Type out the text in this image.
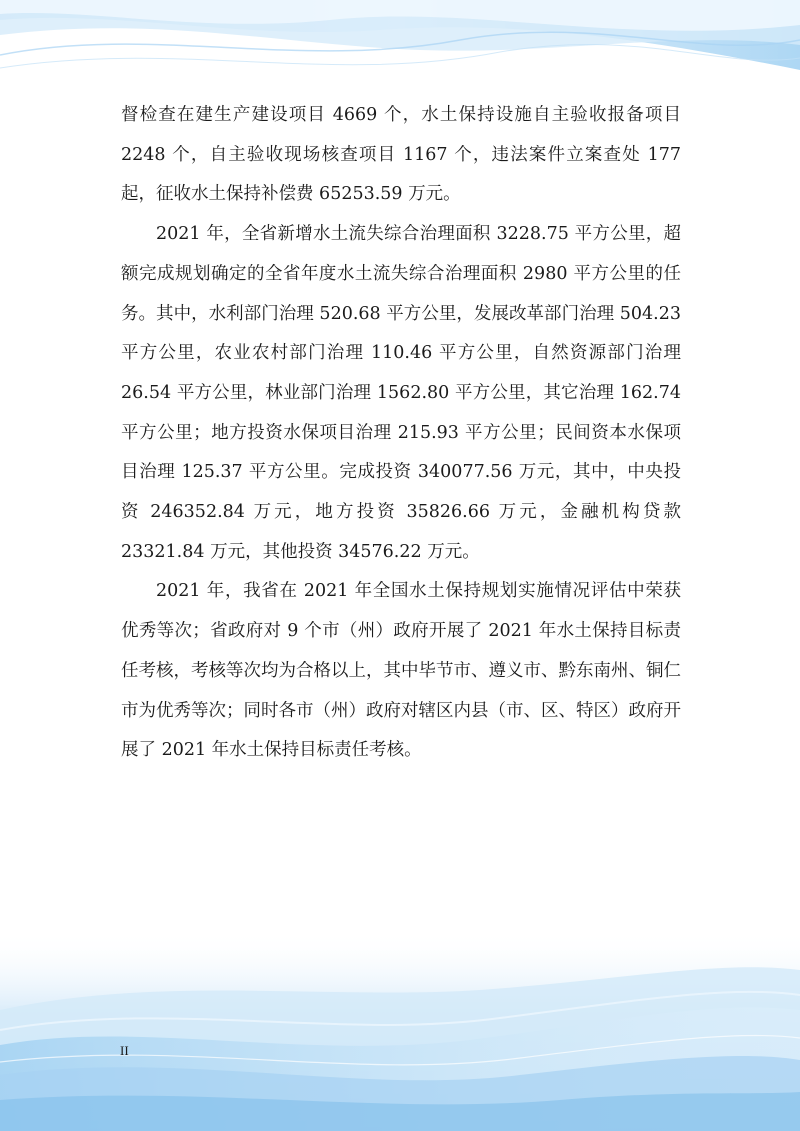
督检查在建生产建设项目 4669 个，水土保持设施自主验收报备项目 2248 个，自主验收现场核查项目 1167 个，违法案件立案查处 177 起，征收水土保持补偿费 65253.59 万元。

2021 年，全省新增水土流失综合治理面积 3228.75 平方公里，超额完成规划确定的全省年度水土流失综合治理面积 2980 平方公里的任务。其中，水利部门治理 520.68 平方公里，发展改革部门治理 504.23 平方公里，农业农村部门治理 110.46 平方公里，自然资源部门治理 26.54 平方公里，林业部门治理 1562.80 平方公里，其它治理 162.74 平方公里；地方投资水保项目治理 215.93 平方公里；民间资本水保项目治理 125.37 平方公里。完成投资 340077.56 万元，其中，中央投资 246352.84 万元，地方投资 35826.66 万元，金融机构贷款 23321.84 万元，其他投资 34576.22 万元。

2021 年，我省在 2021 年全国水土保持规划实施情况评估中荣获优秀等次；省政府对 9 个市（州）政府开展了 2021 年水土保持目标责任考核，考核等次均为合格以上，其中毕节市、遵义市、黔东南州、铜仁市为优秀等次；同时各市（州）政府对辖区内县（市、区、特区）政府开展了 2021 年水土保持目标责任考核。

II
